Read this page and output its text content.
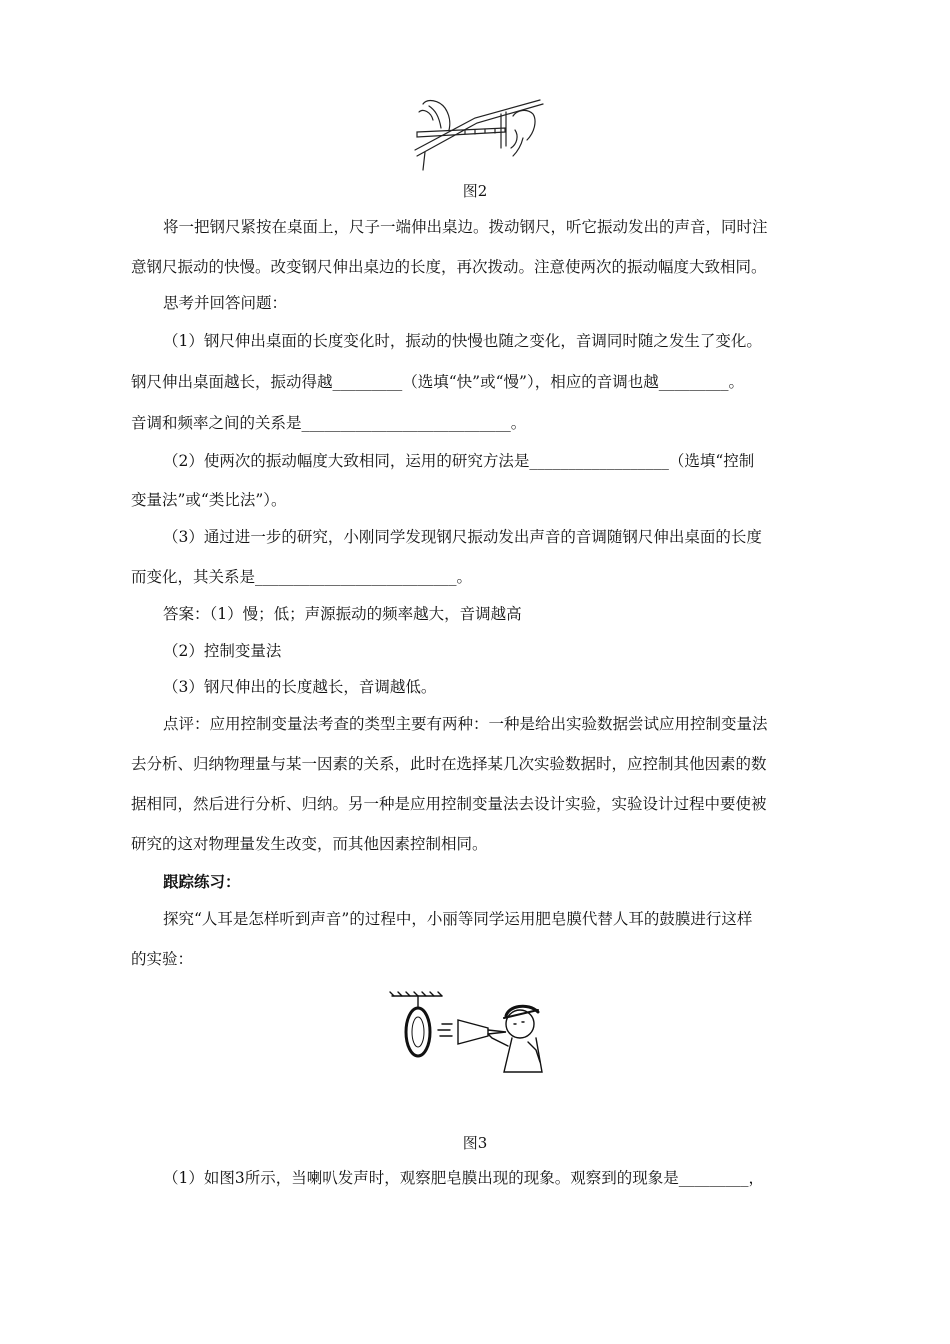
图2
将一把钢尺紧按在桌面上，尺子一端伸出桌边。拨动钢尺，听它振动发出的声音，同时注
意钢尺振动的快慢。改变钢尺伸出桌边的长度，再次拨动。注意使两次的振动幅度大致相同。
思考并回答问题：
（1）钢尺伸出桌面的长度变化时，振动的快慢也随之变化，音调同时随之发生了变化。
钢尺伸出桌面越长，振动得越_________（选填“快”或“慢”），相应的音调也越_________。
音调和频率之间的关系是___________________________。
（2）使两次的振动幅度大致相同，运用的研究方法是__________________（选填“控制
变量法”或“类比法”）。
（3）通过进一步的研究，小刚同学发现钢尺振动发出声音的音调随钢尺伸出桌面的长度
而变化，其关系是__________________________。
答案：（1）慢；低；声源振动的频率越大，音调越高
（2）控制变量法
（3）钢尺伸出的长度越长，音调越低。
点评：应用控制变量法考查的类型主要有两种：一种是给出实验数据尝试应用控制变量法
去分析、归纳物理量与某一因素的关系，此时在选择某几次实验数据时，应控制其他因素的数
据相同，然后进行分析、归纳。另一种是应用控制变量法去设计实验，实验设计过程中要使被
研究的这对物理量发生改变，而其他因素控制相同。
跟踪练习：
探究“人耳是怎样听到声音”的过程中，小丽等同学运用肥皂膜代替人耳的鼓膜进行这样
的实验：
图3
（1）如图3所示，当喇叭发声时，观察肥皂膜出现的现象。观察到的现象是_________，
